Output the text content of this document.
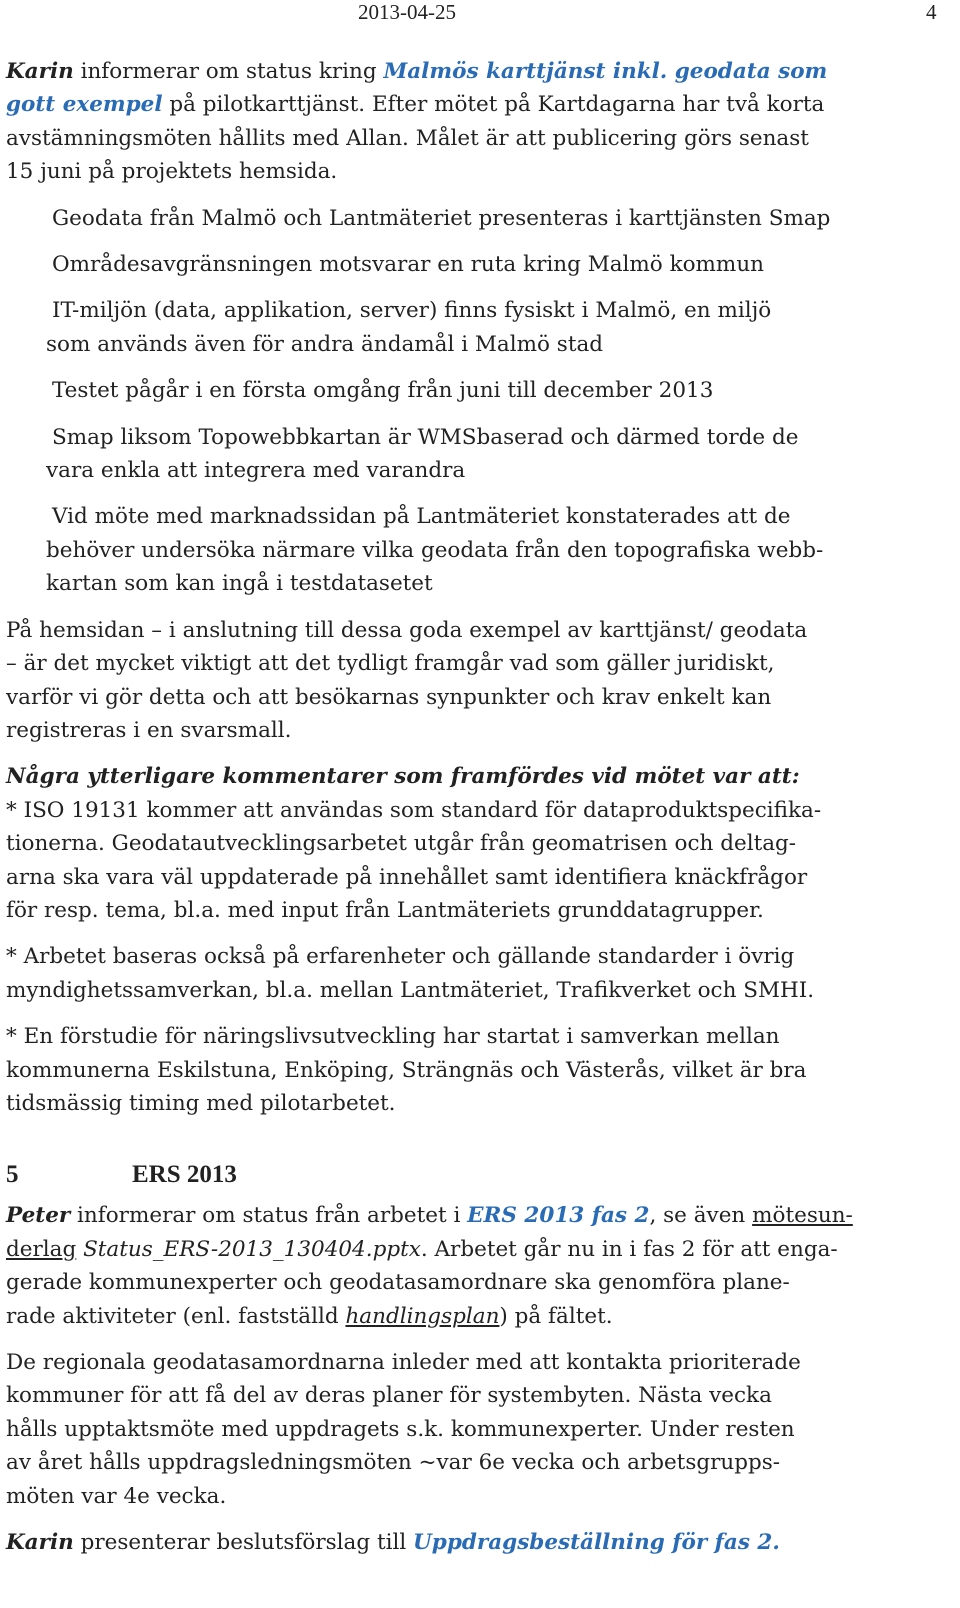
2013-04-25	4

Karin informerar om status kring Malmös karttjänst inkl. geodata som
gott exempel på pilotkarttjänst. Efter mötet på Kartdagarna har två korta
avstämningsmöten hållits med Allan. Målet är att publicering görs senast
15 juni på projektets hemsida.

Geodata från Malmö och Lantmäteriet presenteras i karttjänsten Smap
Områdesavgränsningen motsvarar en ruta kring Malmö kommun
IT-miljön (data, applikation, server) finns fysiskt i Malmö, en miljö
som används även för andra ändamål i Malmö stad
Testet pågår i en första omgång från juni till december 2013
Smap liksom Topowebbkartan är WMSbaserad och därmed torde de
vara enkla att integrera med varandra
Vid möte med marknadssidan på Lantmäteriet konstaterades att de
behöver undersöka närmare vilka geodata från den topografiska webb-
kartan som kan ingå i testdatasetet

På hemsidan – i anslutning till dessa goda exempel av karttjänst/ geodata
– är det mycket viktigt att det tydligt framgår vad som gäller juridiskt,
varför vi gör detta och att besökarnas synpunkter och krav enkelt kan
registreras i en svarsmall.

Några ytterligare kommentarer som framfördes vid mötet var att:

* ISO 19131 kommer att användas som standard för dataproduktspecifika-
tionerna. Geodatautvecklingsarbetet utgår från geomatrisen och deltag-
arna ska vara väl uppdaterade på innehållet samt identifiera knäckfrågor
för resp. tema, bl.a. med input från Lantmäteriets grunddatagrupper.

* Arbetet baseras också på erfarenheter och gällande standarder i övrig
myndighetssamverkan, bl.a. mellan Lantmäteriet, Trafikverket och SMHI.

* En förstudie för näringslivsutveckling har startat i samverkan mellan
kommunerna Eskilstuna, Enköping, Strängnäs och Västerås, vilket är bra
tidsmässig timing med pilotarbetet.

5	ERS 2013

Peter informerar om status från arbetet i ERS 2013 fas 2, se även mötesun-
derlag Status_ERS-2013_130404.pptx. Arbetet går nu in i fas 2 för att enga-
gerade kommunexperter och geodatasamordnare ska genomföra plane-
rade aktiviteter (enl. fastställd handlingsplan) på fältet.

De regionala geodatasamordnarna inleder med att kontakta prioriterade
kommuner för att få del av deras planer för systembyten. Nästa vecka
hålls upptaktsmöte med uppdragets s.k. kommunexperter. Under resten
av året hålls uppdragsledningsmöten ~var 6e vecka och arbetsgrupps-
möten var 4e vecka.

Karin presenterar beslutsförslag till Uppdragsbeställning för fas 2.
